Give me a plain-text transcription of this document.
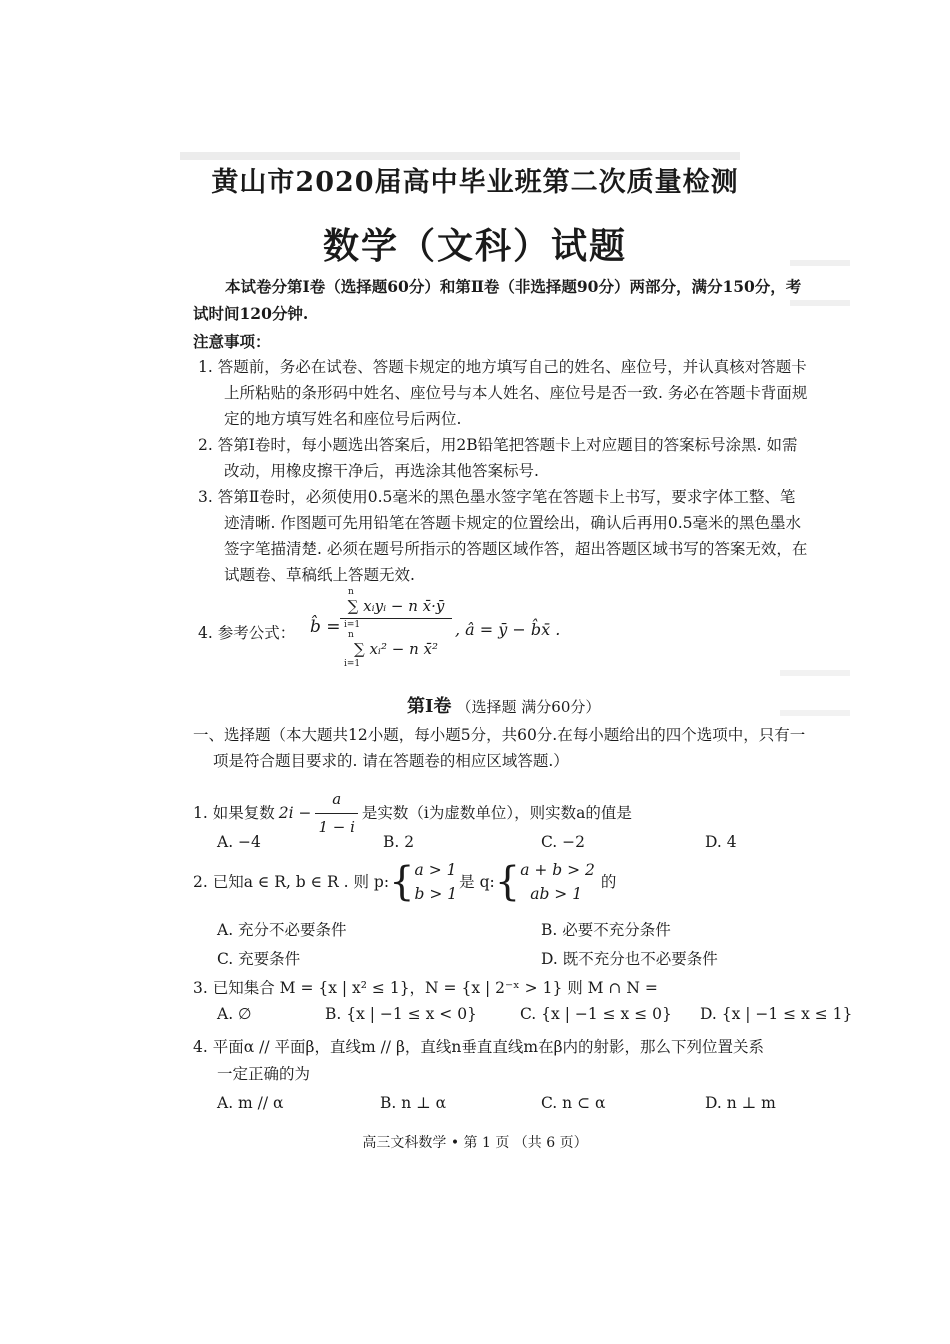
黄山市2020届高中毕业班第二次质量检测
数学（文科）试题
本试卷分第Ⅰ卷（选择题60分）和第Ⅱ卷（非选择题90分）两部分，满分150分，考
试时间120分钟.
注意事项：
1. 答题前，务必在试卷、答题卡规定的地方填写自己的姓名、座位号，并认真核对答题卡
上所粘贴的条形码中姓名、座位号与本人姓名、座位号是否一致. 务必在答题卡背面规
定的地方填写姓名和座位号后两位.
2. 答第Ⅰ卷时，每小题选出答案后，用2B铅笔把答题卡上对应题目的答案标号涂黑. 如需
改动，用橡皮擦干净后，再选涂其他答案标号.
3. 答第Ⅱ卷时，必须使用0.5毫米的黑色墨水签字笔在答题卡上书写，要求字体工整、笔
迹清晰. 作图题可先用铅笔在答题卡规定的位置绘出，确认后再用0.5毫米的黑色墨水
签字笔描清楚. 必须在题号所指示的答题区域作答，超出答题区域书写的答案无效，在
试题卷、草稿纸上答题无效.
4. 参考公式： b̂ =
n
∑ xᵢyᵢ − n x̄·ȳ
i=1
n
∑ xᵢ² − n x̄²
i=1
, â = ȳ − b̂x̄ .
第Ⅰ卷 （选择题 满分60分）
一、选择题（本大题共12小题，每小题5分，共60分.在每小题给出的四个选项中，只有一
项是符合题目要求的. 请在答题卷的相应区域答题.）
1. 如果复数 $2i - \frac{a}{1 - i}$ 是实数（i为虚数单位），则实数a的值是
A. −4	B. 2	C. −2	D. 4
2. 已知a ∈ R, b ∈ R . 则 p: { a > 1
b > 1
是 q: { a + b > 2
ab > 1
的
A. 充分不必要条件	B. 必要不充分条件
C. 充要条件	D. 既不充分也不必要条件
3. 已知集合 M = {x | x² ≤ 1}，N = {x | 2⁻ˣ > 1} 则 M ∩ N =
A. ∅	B. {x | −1 ≤ x < 0}	C. {x | −1 ≤ x ≤ 0} D. {x | −1 ≤ x ≤ 1}
4. 平面α // 平面β，直线m // β，直线n垂直直线m在β内的射影，那么下列位置关系
一定正确的为
A. m // α	B. n ⊥ α	C. n ⊂ α	D. n ⊥ m
高三文科数学 • 第 1 页 （共 6 页）
